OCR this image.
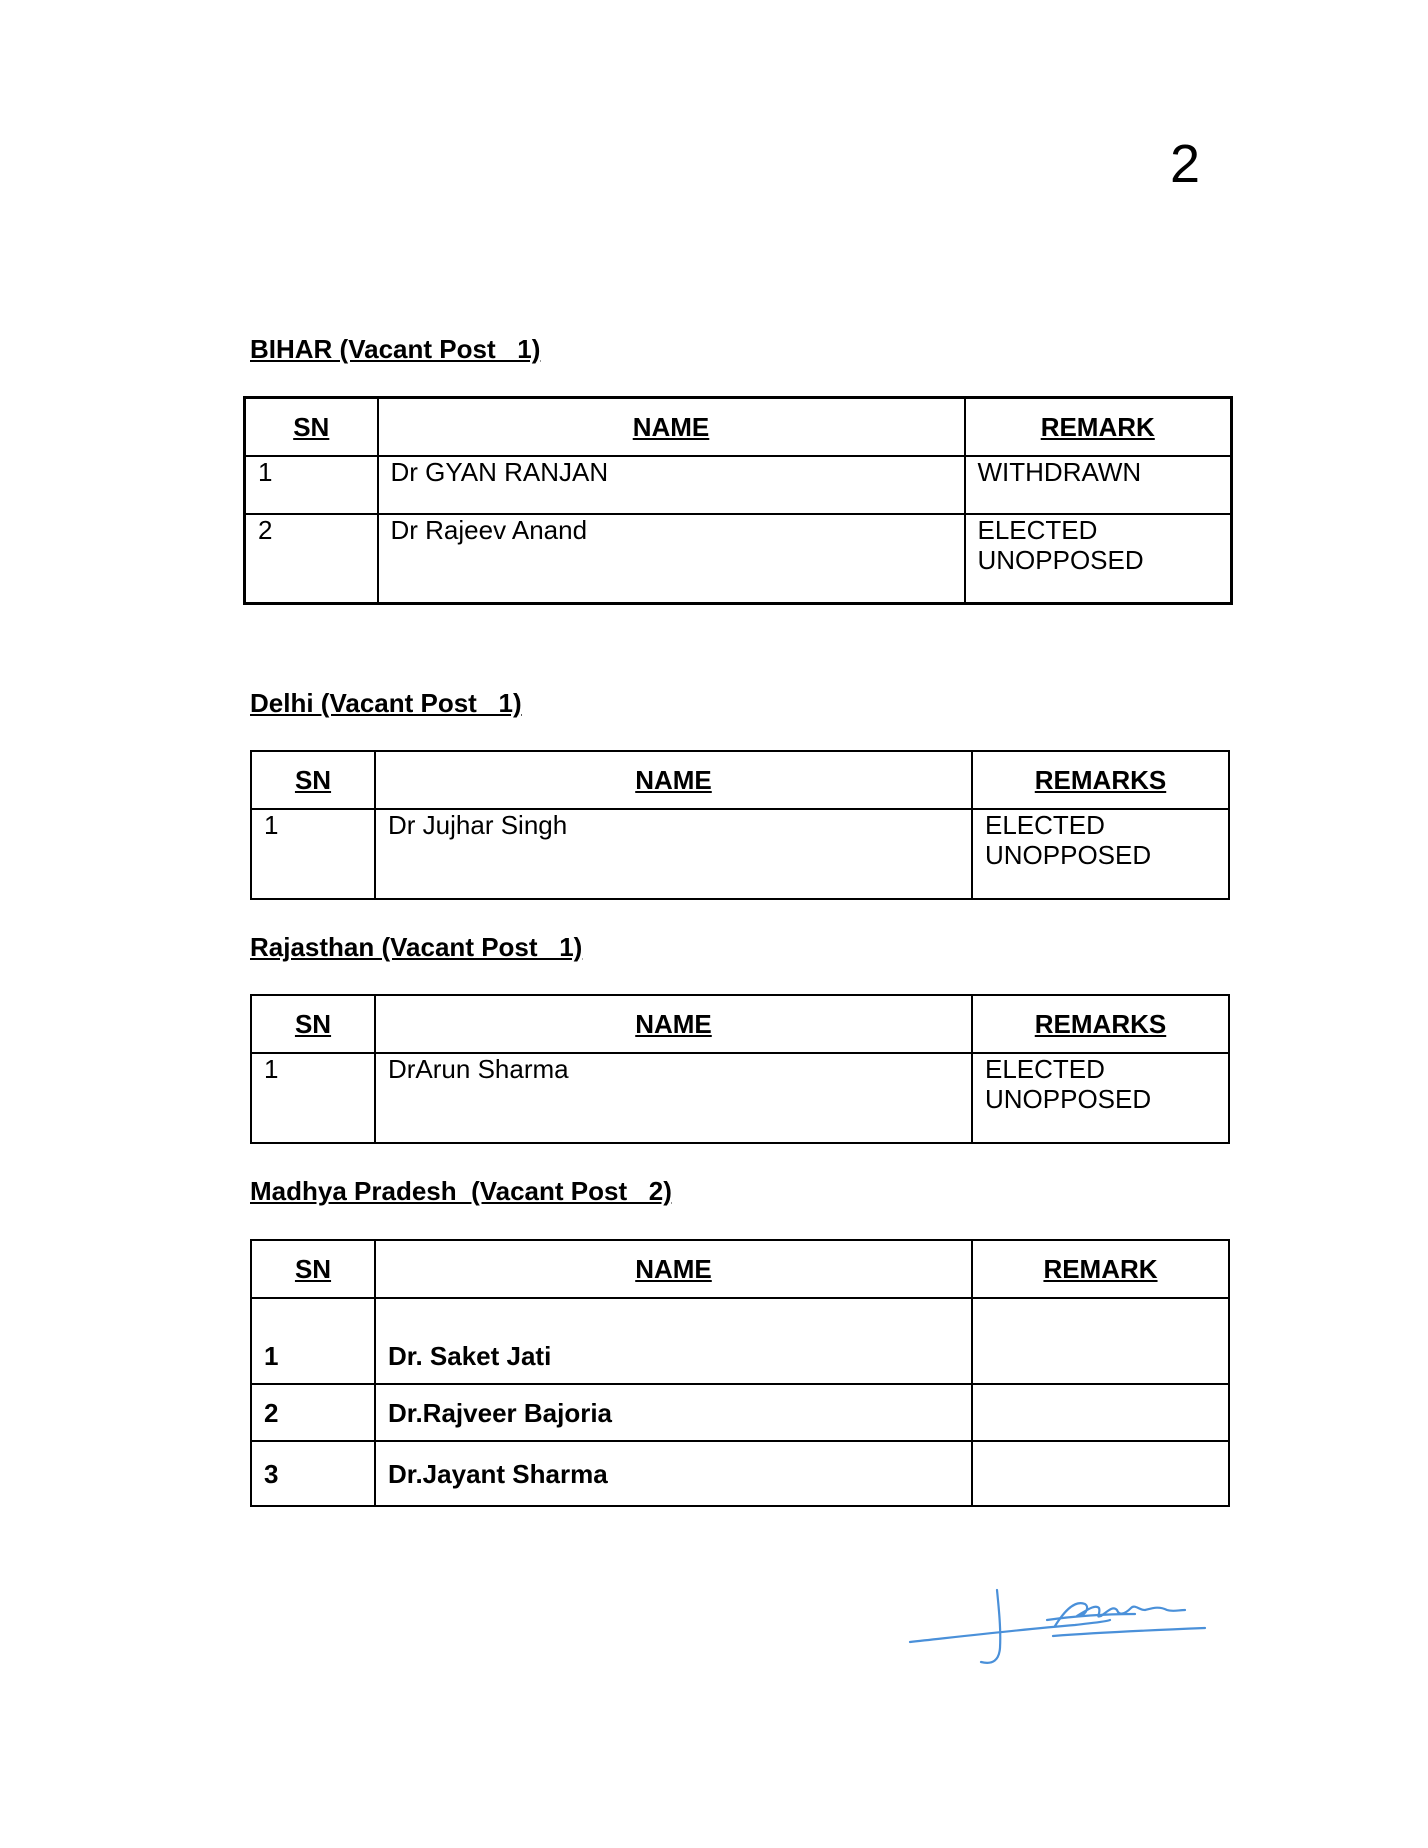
2
BIHAR (Vacant Post   1)
SN	NAME	REMARK
1	Dr GYAN RANJAN	WITHDRAWN
2	Dr Rajeev Anand	ELECTED UNOPPOSED
Delhi (Vacant Post   1)
SN	NAME	REMARKS
1	Dr Jujhar Singh	ELECTED UNOPPOSED
Rajasthan (Vacant Post   1)
SN	NAME	REMARKS
1	DrArun Sharma	ELECTED UNOPPOSED
Madhya Pradesh  (Vacant Post   2)
SN	NAME	REMARK
1	Dr. Saket Jati	
2	Dr.Rajveer Bajoria	
3	Dr.Jayant Sharma	
